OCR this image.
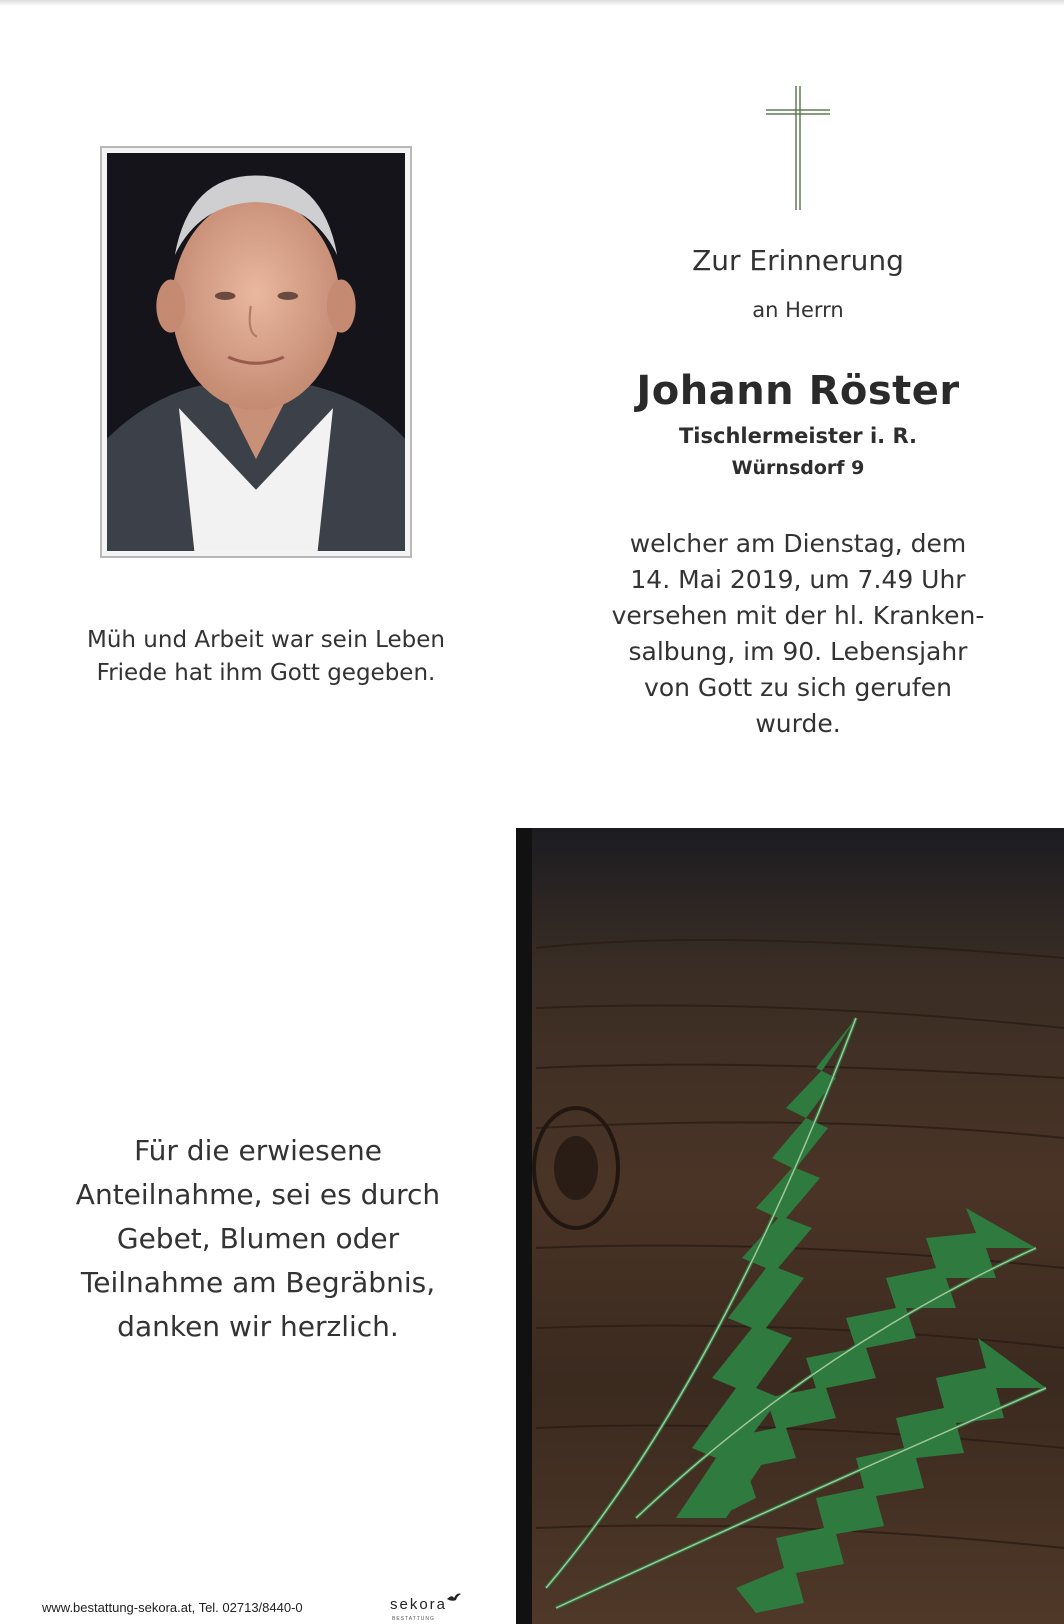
Müh und Arbeit war sein Leben
Friede hat ihm Gott gegeben.
Zur Erinnerung
an Herrn
Johann Röster
Tischlermeister i. R.
Würnsdorf 9
welcher am Dienstag, dem
14. Mai 2019, um 7.49 Uhr
versehen mit der hl. Kranken-
salbung, im 90. Lebensjahr
von Gott zu sich gerufen
wurde.
Für die erwiesene
Anteilnahme, sei es durch
Gebet, Blumen oder
Teilnahme am Begräbnis,
danken wir herzlich.
www.bestattung-sekora.at, Tel. 02713/8440-0	sekora
BESTATTUNG
